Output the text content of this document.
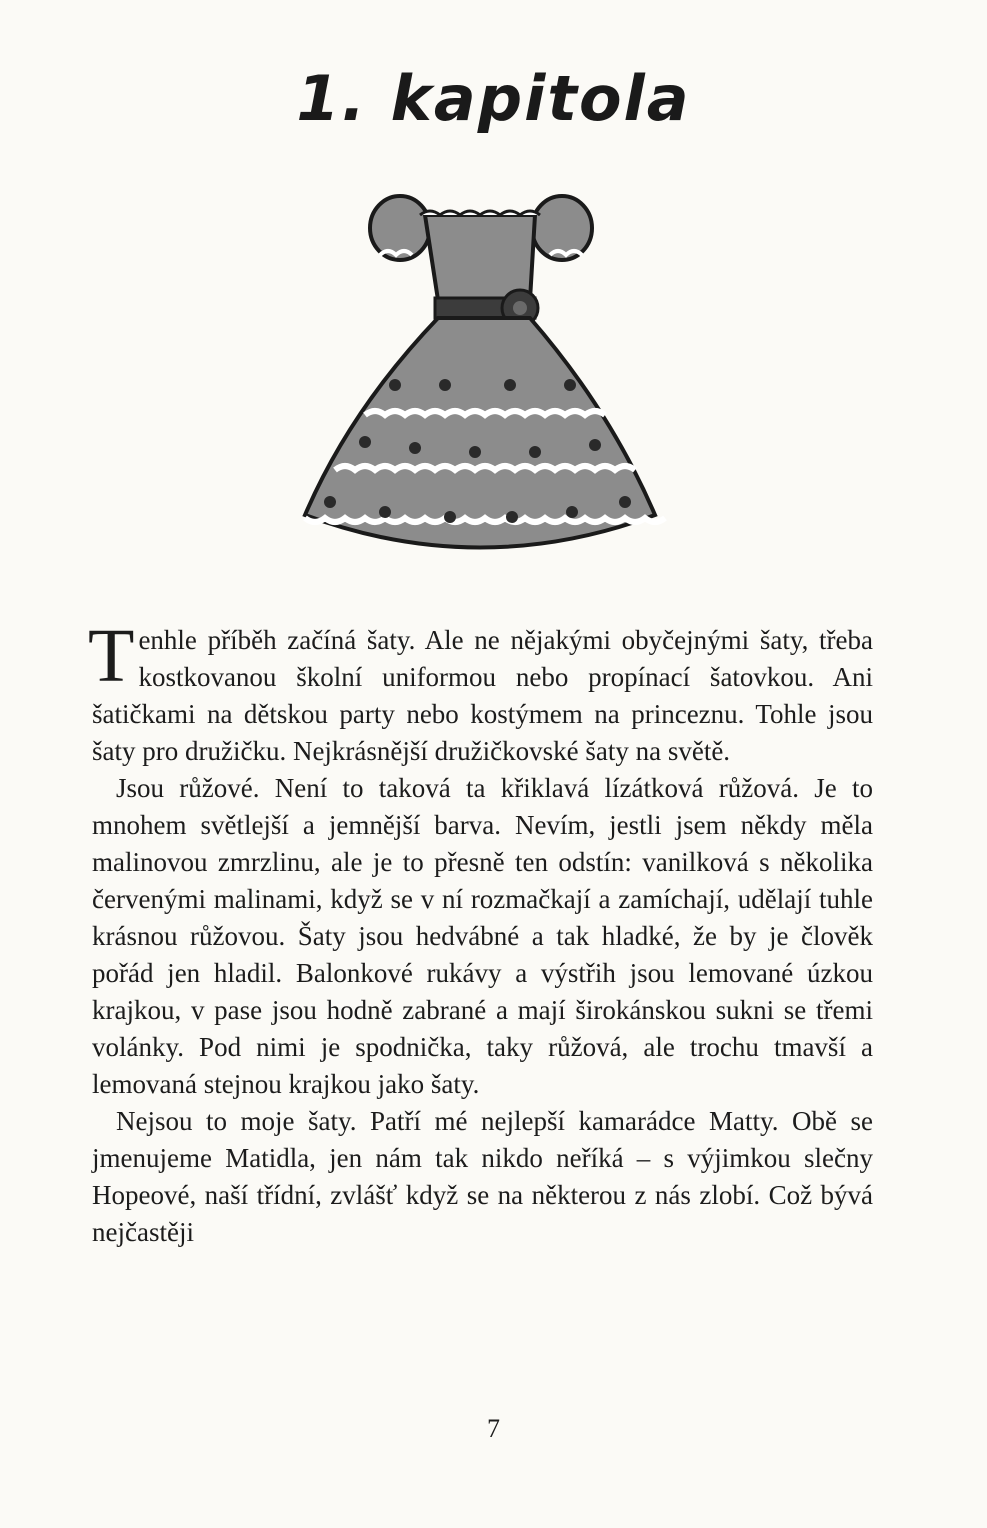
1. kapitola

Tenhle příběh začíná šaty. Ale ne nějakými obyčejnými šaty, třeba kostkovanou školní uniformou nebo propínací šatovkou. Ani šatičkami na dětskou party nebo kostýmem na princeznu. Tohle jsou šaty pro družičku. Nejkrásnější družičkovské šaty na světě.

Jsou růžové. Není to taková ta křiklavá lízátková růžová. Je to mnohem světlejší a jemnější barva. Nevím, jestli jsem někdy měla malinovou zmrzlinu, ale je to přesně ten odstín: vanilková s několika červenými malinami, když se v ní rozmačkají a zamíchají, udělají tuhle krásnou růžovou. Šaty jsou hedvábné a tak hladké, že by je člověk pořád jen hladil. Balonkové rukávy a výstřih jsou lemované úzkou krajkou, v pase jsou hodně zabrané a mají širokánskou sukni se třemi volánky. Pod nimi je spodnička, taky růžová, ale trochu tmavší a lemovaná stejnou krajkou jako šaty.

Nejsou to moje šaty. Patří mé nejlepší kamarádce Matty. Obě se jmenujeme Matidla, jen nám tak nikdo neříká – s výjimkou slečny Hopeové, naší třídní, zvlášť když se na některou z nás zlobí. Což bývá nejčastěji

7
